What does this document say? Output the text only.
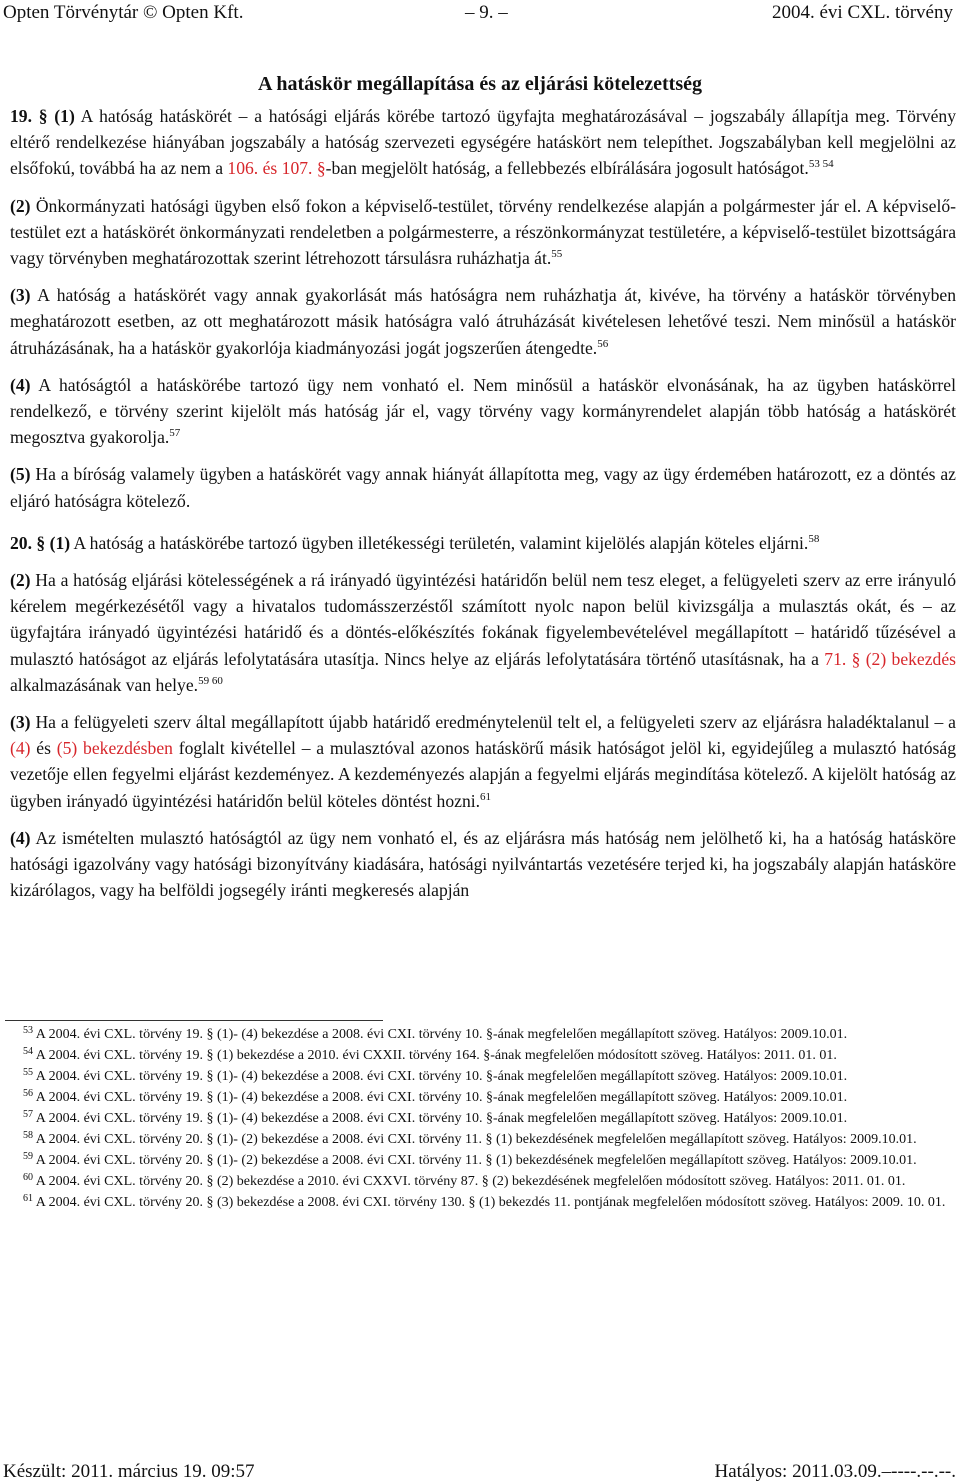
Opten Törvénytár © Opten Kft.	– 9. –	2004. évi CXL. törvény
A hatáskör megállapítása és az eljárási kötelezettség

19. § (1) A hatóság hatáskörét – a hatósági eljárás körébe tartozó ügyfajta meghatározásával – jogszabály állapítja meg. Törvény eltérő rendelkezése hiányában jogszabály a hatóság szervezeti egységére hatáskört nem telepíthet. Jogszabályban kell megjelölni az elsőfokú, továbbá ha az nem a 106. és 107. §-ban megjelölt hatóság, a fellebbezés elbírálására jogosult hatóságot.$^{53 54}$

(2) Önkormányzati hatósági ügyben első fokon a képviselő-testület, törvény rendelkezése alapján a polgármester jár el. A képviselő-testület ezt a hatáskörét önkormányzati rendeletben a polgármesterre, a részönkormányzat testületére, a képviselő-testület bizottságára vagy törvényben meghatározottak szerint létrehozott társulásra ruházhatja át.$^{55}$

(3) A hatóság a hatáskörét vagy annak gyakorlását más hatóságra nem ruházhatja át, kivéve, ha törvény a hatáskör törvényben meghatározott esetben, az ott meghatározott másik hatóságra való átruházását kivételesen lehetővé teszi. Nem minősül a hatáskör átruházásának, ha a hatáskör gyakorlója kiadmányozási jogát jogszerűen átengedte.$^{56}$

(4) A hatóságtól a hatáskörébe tartozó ügy nem vonható el. Nem minősül a hatáskör elvonásának, ha az ügyben hatáskörrel rendelkező, e törvény szerint kijelölt más hatóság jár el, vagy törvény vagy kormányrendelet alapján több hatóság a hatáskörét megosztva gyakorolja.$^{57}$

(5) Ha a bíróság valamely ügyben a hatáskörét vagy annak hiányát állapította meg, vagy az ügy érdemében határozott, ez a döntés az eljáró hatóságra kötelező.

20. § (1) A hatóság a hatáskörébe tartozó ügyben illetékességi területén, valamint kijelölés alapján köteles eljárni.$^{58}$

(2) Ha a hatóság eljárási kötelességének a rá irányadó ügyintézési határidőn belül nem tesz eleget, a felügyeleti szerv az erre irányuló kérelem megérkezésétől vagy a hivatalos tudomásszerzéstől számított nyolc napon belül kivizsgálja a mulasztás okát, és – az ügyfajtára irányadó ügyintézési határidő és a döntés-előkészítés fokának figyelembevételével megállapított – határidő tűzésével a mulasztó hatóságot az eljárás lefolytatására utasítja. Nincs helye az eljárás lefolytatására történő utasításnak, ha a 71. § (2) bekezdés alkalmazásának van helye.$^{59 60}$

(3) Ha a felügyeleti szerv által megállapított újabb határidő eredménytelenül telt el, a felügyeleti szerv az eljárásra haladéktalanul – a (4) és (5) bekezdésben foglalt kivétellel – a mulasztóval azonos hatáskörű másik hatóságot jelöl ki, egyidejűleg a mulasztó hatóság vezetője ellen fegyelmi eljárást kezdeményez. A kezdeményezés alapján a fegyelmi eljárás megindítása kötelező. A kijelölt hatóság az ügyben irányadó ügyintézési határidőn belül köteles döntést hozni.$^{61}$

(4) Az ismételten mulasztó hatóságtól az ügy nem vonható el, és az eljárásra más hatóság nem jelölhető ki, ha a hatóság hatásköre hatósági igazolvány vagy hatósági bizonyítvány kiadására, hatósági nyilvántartás vezetésére terjed ki, ha jogszabály alapján hatásköre kizárólagos, vagy ha belföldi jogsegély iránti megkeresés alapján

$^{53}$ A 2004. évi CXL. törvény 19. § (1)- (4) bekezdése a 2008. évi CXI. törvény 10. §-ának megfelelően megállapított szöveg. Hatályos: 2009.10.01.
$^{54}$ A 2004. évi CXL. törvény 19. § (1) bekezdése a 2010. évi CXXII. törvény 164. §-ának megfelelően módosított szöveg. Hatályos: 2011. 01. 01.
$^{55}$ A 2004. évi CXL. törvény 19. § (1)- (4) bekezdése a 2008. évi CXI. törvény 10. §-ának megfelelően megállapított szöveg. Hatályos: 2009.10.01.
$^{56}$ A 2004. évi CXL. törvény 19. § (1)- (4) bekezdése a 2008. évi CXI. törvény 10. §-ának megfelelően megállapított szöveg. Hatályos: 2009.10.01.
$^{57}$ A 2004. évi CXL. törvény 19. § (1)- (4) bekezdése a 2008. évi CXI. törvény 10. §-ának megfelelően megállapított szöveg. Hatályos: 2009.10.01.
$^{58}$ A 2004. évi CXL. törvény 20. § (1)- (2) bekezdése a 2008. évi CXI. törvény 11. § (1) bekezdésének megfelelően megállapított szöveg. Hatályos: 2009.10.01.
$^{59}$ A 2004. évi CXL. törvény 20. § (1)- (2) bekezdése a 2008. évi CXI. törvény 11. § (1) bekezdésének megfelelően megállapított szöveg. Hatályos: 2009.10.01.
$^{60}$ A 2004. évi CXL. törvény 20. § (2) bekezdése a 2010. évi CXXVI. törvény 87. § (2) bekezdésének megfelelően módosított szöveg. Hatályos: 2011. 01. 01.
$^{61}$ A 2004. évi CXL. törvény 20. § (3) bekezdése a 2008. évi CXI. törvény 130. § (1) bekezdés 11. pontjának megfelelően módosított szöveg. Hatályos: 2009. 10. 01.
Készült: 2011. március 19. 09:57	Hatályos: 2011.03.09.–----.--.--.
